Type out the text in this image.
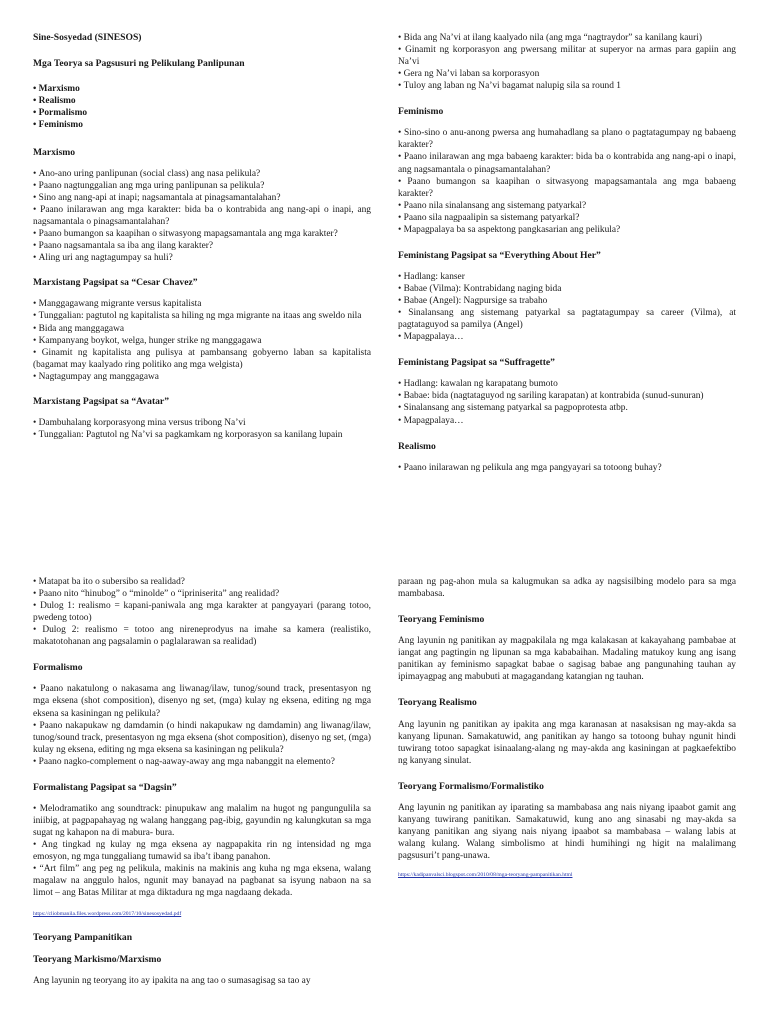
Sine-Sosyedad (SINESOS)

Mga Teorya sa Pagsusuri ng Pelikulang Panlipunan

• Marxismo

• Realismo

• Pormalismo

• Feminismo

Marxismo

• Ano-ano uring panlipunan (social class) ang nasa pelikula?

• Paano nagtunggalian ang mga uring panlipunan sa pelikula?

• Sino ang nang-api at inapi; nagsamantala at pinagsamantalahan?

• Paano inilarawan ang mga karakter: bida ba o kontrabida ang nang-api o inapi, ang nagsamantala o pinagsamantalahan?

• Paano bumangon sa kaapihan o sitwasyong mapagsamantala ang mga karakter?

• Paano nagsamantala sa iba ang ilang karakter?

• Aling uri ang nagtagumpay sa huli?

Marxistang Pagsipat sa “Cesar Chavez”

• Manggagawang migrante versus kapitalista

• Tunggalian: pagtutol ng kapitalista sa hiling ng mga migrante na itaas ang sweldo nila

• Bida ang manggagawa

• Kampanyang boykot, welga, hunger strike ng manggagawa

• Ginamit ng kapitalista ang pulisya at pambansang gobyerno laban sa kapitalista (bagamat may kaalyado ring politiko ang mga welgista)

• Nagtagumpay ang manggagawa

Marxistang Pagsipat sa “Avatar”

• Dambuhalang korporasyong mina versus tribong Na’vi

• Tunggalian: Pagtutol ng Na’vi sa pagkamkam ng korporasyon sa kanilang lupain

• Bida ang Na’vi at ilang kaalyado nila (ang mga “nagtraydor” sa kanilang kauri)

• Ginamit ng korporasyon ang pwersang militar at superyor na armas para gapiin ang Na’vi

• Gera ng Na’vi laban sa korporasyon

• Tuloy ang laban ng Na’vi bagamat nalupig sila sa round 1

Feminismo

• Sino-sino o anu-anong pwersa ang humahadlang sa plano o pagtatagumpay ng babaeng karakter?

• Paano inilarawan ang mga babaeng karakter: bida ba o kontrabida ang nang-api o inapi, ang nagsamantala o pinagsamantalahan?

• Paano bumangon sa kaapihan o sitwasyong mapagsamantala ang mga babaeng karakter?

• Paano nila sinalansang ang sistemang patyarkal?

• Paano sila nagpaalipin sa sistemang patyarkal?

• Mapagpalaya ba sa aspektong pangkasarian ang pelikula?

Feministang Pagsipat sa “Everything About Her”

• Hadlang: kanser

• Babae (Vilma): Kontrabidang naging bida

• Babae (Angel): Nagpursige sa trabaho

• Sinalansang ang sistemang patyarkal sa pagtatagumpay sa career (Vilma), at pagtataguyod sa pamilya (Angel)

• Mapagpalaya…

Feministang Pagsipat sa “Suffragette”

• Hadlang: kawalan ng karapatang bumoto

• Babae: bida (nagtataguyod ng sariling karapatan) at kontrabida (sunud-sunuran)

• Sinalansang ang sistemang patyarkal sa pagpoprotesta atbp.

• Mapagpalaya…

Realismo

• Paano inilarawan ng pelikula ang mga pangyayari sa totoong buhay?

• Matapat ba ito o subersibo sa realidad?

• Paano nito “hinubog” o “minolde” o “ipriniserita” ang realidad?

• Dulog 1: realismo = kapani-paniwala ang mga karakter at pangyayari (parang totoo, pwedeng totoo)

• Dulog 2: realismo = totoo ang nireneprodyus na imahe sa kamera (realistiko, makatotohanan ang pagsalamin o paglalarawan sa realidad)

Formalismo

• Paano nakatulong o nakasama ang liwanag/ilaw, tunog/sound track, presentasyon ng mga eksena (shot composition), disenyo ng set, (mga) kulay ng eksena, editing ng mga eksena sa kasiningan ng pelikula?

• Paano nakapukaw ng damdamin (o hindi nakapukaw ng damdamin) ang liwanag/ilaw, tunog/sound track, presentasyon ng mga eksena (shot composition), disenyo ng set, (mga) kulay ng eksena, editing ng mga eksena sa kasiningan ng pelikula?

• Paano nagko-complement o nag-aaway-away ang mga nabanggit na elemento?

Formalistang Pagsipat sa “Dagsin”

• Melodramatiko ang soundtrack: pinupukaw ang malalim na hugot ng pangungulila sa iniibig, at pagpapahayag ng walang hanggang pag-ibig, gayundin ng kalungkutan sa mga sugat ng kahapon na di mabura- bura.

• Ang tingkad ng kulay ng mga eksena ay nagpapakita rin ng intensidad ng mga emosyon, ng mga tunggaliang tumawid sa iba’t ibang panahon.

• “Art film” ang peg ng pelikula, makinis na makinis ang kuha ng mga eksena, walang magalaw na anggulo halos, ngunit may banayad na pagbanat sa isyung nabaon na sa limot – ang Batas Militar at mga diktadura ng mga nagdaang dekada.

https://cliobmanila.files.wordpress.com/2017/10/sinesosyedad.pdf

Teoryang Pampanitikan

Teoryang Markismo/Marxismo

Ang layunin ng teoryang ito ay ipakita na ang tao o sumasagisag sa tao ay

paraan ng pag-ahon mula sa kalugmukan sa adka ay nagsisilbing modelo para sa mga mambabasa.

Teoryang Feminismo

Ang layunin ng panitikan ay magpakilala ng mga kalakasan at kakayahang pambabae at iangat ang pagtingin ng lipunan sa mga kababaihan. Madaling matukoy kung ang isang panitikan ay feminismo sapagkat babae o sagisag babae ang pangunahing tauhan ay ipimayagpag ang mabubuti at magagandang katangian ng tauhan.

Teoryang Realismo

Ang layunin ng panitikan ay ipakita ang mga karanasan at nasaksisan ng may-akda sa kanyang lipunan. Samakatuwid, ang panitikan ay hango sa totoong buhay ngunit hindi tuwirang totoo sapagkat isinaalang-alang ng may-akda ang kasiningan at pagkaefektibo ng kanyang sinulat.

Teoryang Formalismo/Formalistiko

Ang layunin ng panitikan ay iparating sa mambabasa ang nais niyang ipaabot gamit ang kanyang tuwirang panitikan. Samakatuwid, kung ano ang sinasabi ng may-akda sa kanyang panitikan ang siyang nais niyang ipaabot sa mambabasa – walang labis at walang kulang. Walang simbolismo at hindi humihingi ng higit na malalimang pagsusuri’t pang-unawa.

https://kadipanvalsci.blogspot.com/2010/08/mga-teoryang-pampanitikan.html
